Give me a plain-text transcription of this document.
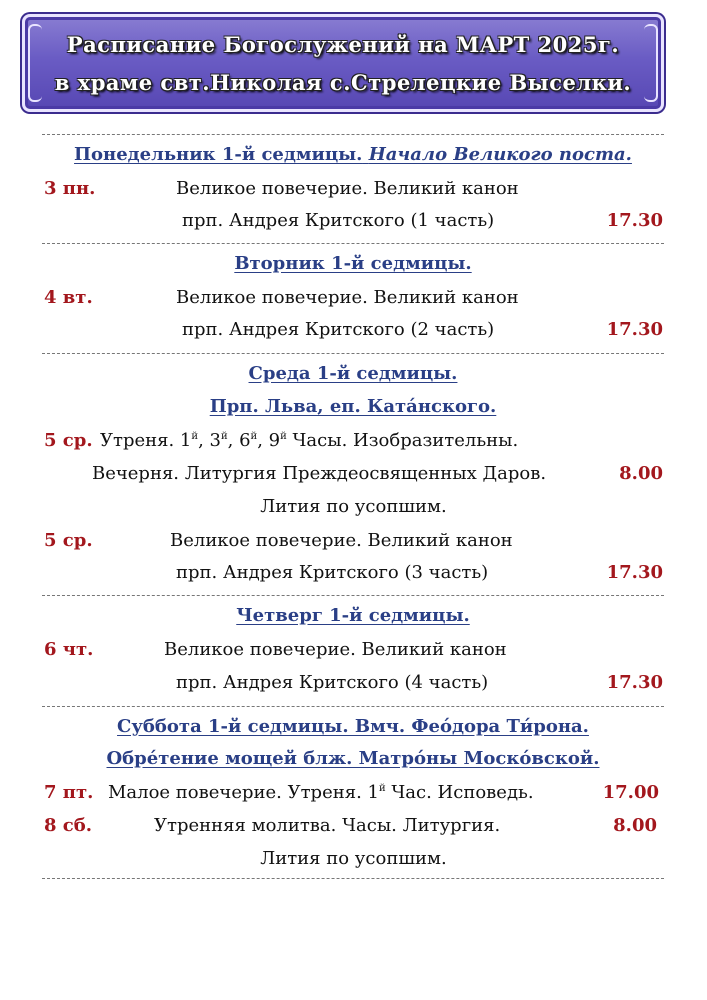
Расписание Богослужений на МАРТ 2025г.
в храме свт.Николая с.Стрелецкие Выселки.
Понедельник 1-й седмицы. Начало Великого поста.
3 пн.	Великое повечерие. Великий канон
прп. Андрея Критского (1 часть)	17.30
Вторник 1-й седмицы.
4 вт.	Великое повечерие. Великий канон
прп. Андрея Критского (2 часть)	17.30
Среда 1-й седмицы.
Прп. Льва, еп. Ката́нского.
5 ср. Утреня. $1^й$, $3^й$, $6^й$, $9^й$ Часы. Изобразительны.
Вечерня. Литургия Преждеосвященных Даров.	8.00
Лития по усопшим.
5 ср.	Великое повечерие. Великий канон
прп. Андрея Критского (3 часть)	17.30
Четверг 1-й седмицы.
6 чт.	Великое повечерие. Великий канон
прп. Андрея Критского (4 часть)	17.30
Суббота 1-й седмицы. Вмч. Фео́дора Ти́рона.
Обре́тение мощей блж. Матро́ны Моско́вской.
7 пт. Малое повечерие. Утреня. $1^й$ Час. Исповедь.	17.00
8 сб.	Утренняя молитва. Часы. Литургия.	8.00
Лития по усопшим.
